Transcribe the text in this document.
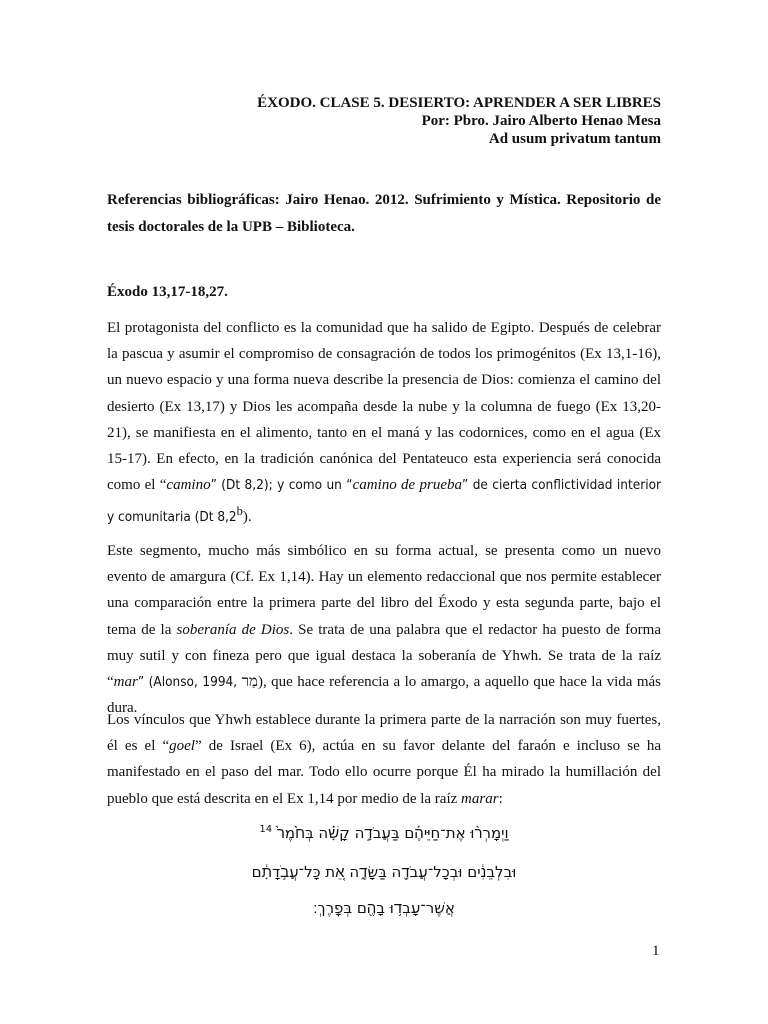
ÉXODO. CLASE 5. DESIERTO: APRENDER A SER LIBRES
Por: Pbro. Jairo Alberto Henao Mesa
Ad usum privatum tantum
Referencias bibliográficas: Jairo Henao. 2012. Sufrimiento y Mística. Repositorio de tesis doctorales de la UPB – Biblioteca.
Éxodo 13,17-18,27.
El protagonista del conflicto es la comunidad que ha salido de Egipto. Después de celebrar la pascua y asumir el compromiso de consagración de todos los primogénitos (Ex 13,1-16), un nuevo espacio y una forma nueva describe la presencia de Dios: comienza el camino del desierto (Ex 13,17) y Dios les acompaña desde la nube y la columna de fuego (Ex 13,20-21), se manifiesta en el alimento, tanto en el maná y las codornices, como en el agua (Ex 15-17). En efecto, en la tradición canónica del Pentateuco esta experiencia será conocida como el “camino” (Dt 8,2); y como un “camino de prueba” de cierta conflictividad interior y comunitaria (Dt 8,2$^b$).
Este segmento, mucho más simbólico en su forma actual, se presenta como un nuevo evento de amargura (Cf. Ex 1,14). Hay un elemento redaccional que nos permite establecer una comparación entre la primera parte del libro del Éxodo y esta segunda parte, bajo el tema de la soberanía de Dios. Se trata de una palabra que el redactor ha puesto de forma muy sutil y con fineza pero que igual destaca la soberanía de Yhwh. Se trata de la raíz “mar” (Alonso, 1994, מַר), que hace referencia a lo amargo, a aquello que hace la vida más dura.
Los vínculos que Yhwh establece durante la primera parte de la narración son muy fuertes, él es el “goel” de Israel (Ex 6), actúa en su favor delante del faraón e incluso se ha manifestado en el paso del mar. Todo ello ocurre porque Él ha mirado la humillación del pueblo que está descrita en el Ex 1,14 por medio de la raíz marar:
וַיְמָרְר֨וּ אֶת־חַיֵּיהֶ֜ם בַּעֲבֹדָ֣ה קָשָׁ֗ה בְּחֹ֙מֶר֙ $^{14}$
וּבִלְבֵנִ֔ים וּבְכָל־עֲבֹדָ֖ה בַּשָּׂדֶ֑ה אֵ֚ת כָּל־עֲבֹ֣דָתָ֔ם
אֲשֶׁר־עָבְד֥וּ בָהֶ֖ם בְּפָֽרֶךְ׃
1
